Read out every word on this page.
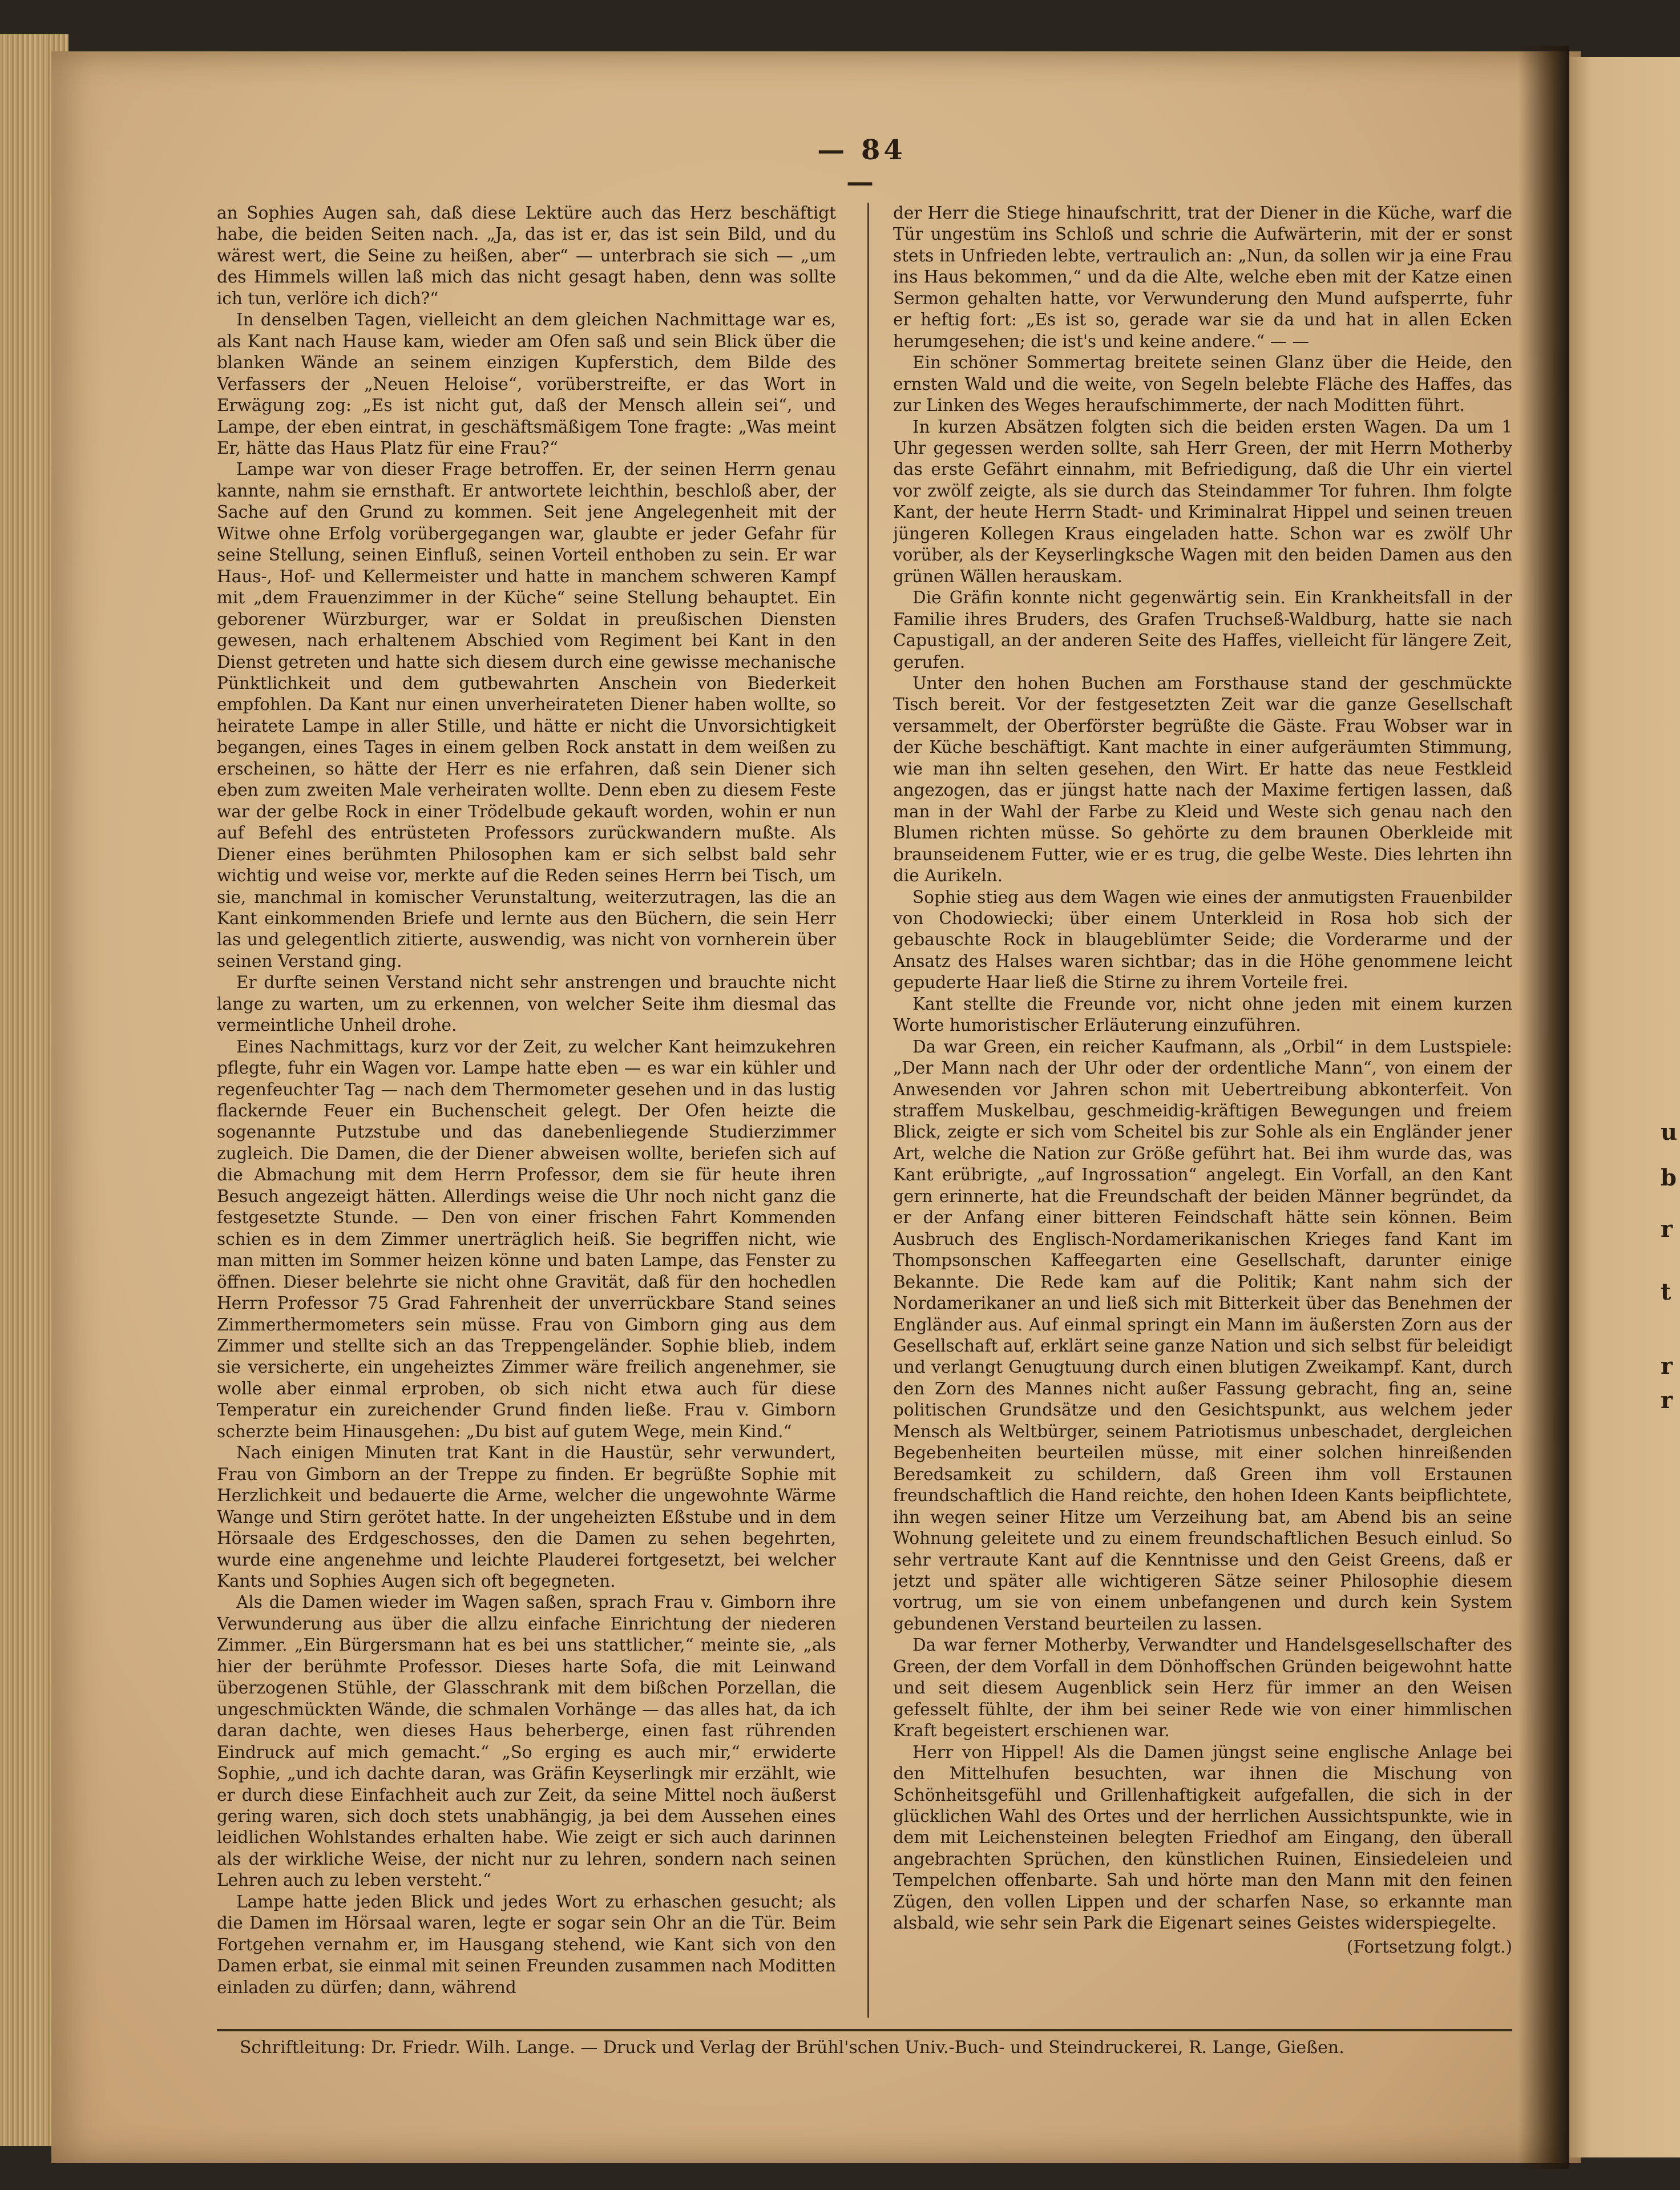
u
b
r
t
r
r
— 84 —

an Sophies Augen sah, daß diese Lektüre auch das Herz beschäftigt habe, die beiden Seiten nach. „Ja, das ist er, das ist sein Bild, und du wärest wert, die Seine zu heißen, aber“ — unterbrach sie sich — „um des Himmels willen laß mich das nicht gesagt haben, denn was sollte ich tun, verlöre ich dich?“

In denselben Tagen, vielleicht an dem gleichen Nachmittage war es, als Kant nach Hause kam, wieder am Ofen saß und sein Blick über die blanken Wände an seinem einzigen Kupferstich, dem Bilde des Verfassers der „Neuen Heloise“, vorüberstreifte, er das Wort in Erwägung zog: „Es ist nicht gut, daß der Mensch allein sei“, und Lampe, der eben eintrat, in geschäftsmäßigem Tone fragte: „Was meint Er, hätte das Haus Platz für eine Frau?“

Lampe war von dieser Frage betroffen. Er, der seinen Herrn genau kannte, nahm sie ernsthaft. Er antwortete leichthin, beschloß aber, der Sache auf den Grund zu kommen. Seit jene Angelegenheit mit der Witwe ohne Erfolg vorübergegangen war, glaubte er jeder Gefahr für seine Stellung, seinen Einfluß, seinen Vorteil enthoben zu sein. Er war Haus-, Hof- und Kellermeister und hatte in manchem schweren Kampf mit „dem Frauenzimmer in der Küche“ seine Stellung behauptet. Ein geborener Würzburger, war er Soldat in preußischen Diensten gewesen, nach erhaltenem Abschied vom Regiment bei Kant in den Dienst getreten und hatte sich diesem durch eine gewisse mechanische Pünktlichkeit und dem gutbewahrten Anschein von Biederkeit empfohlen. Da Kant nur einen unverheirateten Diener haben wollte, so heiratete Lampe in aller Stille, und hätte er nicht die Unvorsichtigkeit begangen, eines Tages in einem gelben Rock anstatt in dem weißen zu erscheinen, so hätte der Herr es nie erfahren, daß sein Diener sich eben zum zweiten Male verheiraten wollte. Denn eben zu diesem Feste war der gelbe Rock in einer Trödelbude gekauft worden, wohin er nun auf Befehl des entrüsteten Professors zurückwandern mußte. Als Diener eines berühmten Philosophen kam er sich selbst bald sehr wichtig und weise vor, merkte auf die Reden seines Herrn bei Tisch, um sie, manchmal in komischer Verunstaltung, weiterzutragen, las die an Kant einkommenden Briefe und lernte aus den Büchern, die sein Herr las und gelegentlich zitierte, auswendig, was nicht von vornherein über seinen Verstand ging.

Er durfte seinen Verstand nicht sehr anstrengen und brauchte nicht lange zu warten, um zu erkennen, von welcher Seite ihm diesmal das vermeintliche Unheil drohe.

Eines Nachmittags, kurz vor der Zeit, zu welcher Kant heimzukehren pflegte, fuhr ein Wagen vor. Lampe hatte eben — es war ein kühler und regenfeuchter Tag — nach dem Thermometer gesehen und in das lustig flackernde Feuer ein Buchenscheit gelegt. Der Ofen heizte die sogenannte Putzstube und das danebenliegende Studierzimmer zugleich. Die Damen, die der Diener abweisen wollte, beriefen sich auf die Abmachung mit dem Herrn Professor, dem sie für heute ihren Besuch angezeigt hätten. Allerdings weise die Uhr noch nicht ganz die festgesetzte Stunde. — Den von einer frischen Fahrt Kommenden schien es in dem Zimmer unerträglich heiß. Sie begriffen nicht, wie man mitten im Sommer heizen könne und baten Lampe, das Fenster zu öffnen. Dieser belehrte sie nicht ohne Gravität, daß für den hochedlen Herrn Professor 75 Grad Fahrenheit der unverrückbare Stand seines Zimmerthermometers sein müsse. Frau von Gimborn ging aus dem Zimmer und stellte sich an das Treppengeländer. Sophie blieb, indem sie versicherte, ein ungeheiztes Zimmer wäre freilich angenehmer, sie wolle aber einmal erproben, ob sich nicht etwa auch für diese Temperatur ein zureichender Grund finden ließe. Frau v. Gimborn scherzte beim Hinausgehen: „Du bist auf gutem Wege, mein Kind.“

Nach einigen Minuten trat Kant in die Haustür, sehr verwundert, Frau von Gimborn an der Treppe zu finden. Er begrüßte Sophie mit Herzlichkeit und bedauerte die Arme, welcher die ungewohnte Wärme Wange und Stirn gerötet hatte. In der ungeheizten Eßstube und in dem Hörsaale des Erdgeschosses, den die Damen zu sehen begehrten, wurde eine angenehme und leichte Plauderei fortgesetzt, bei welcher Kants und Sophies Augen sich oft begegneten.

Als die Damen wieder im Wagen saßen, sprach Frau v. Gimborn ihre Verwunderung aus über die allzu einfache Einrichtung der niederen Zimmer. „Ein Bürgersmann hat es bei uns stattlicher,“ meinte sie, „als hier der berühmte Professor. Dieses harte Sofa, die mit Leinwand überzogenen Stühle, der Glasschrank mit dem bißchen Porzellan, die ungeschmückten Wände, die schmalen Vorhänge — das alles hat, da ich daran dachte, wen dieses Haus beherberge, einen fast rührenden Eindruck auf mich gemacht.“ „So erging es auch mir,“ erwiderte Sophie, „und ich dachte daran, was Gräfin Keyserlingk mir erzählt, wie er durch diese Einfachheit auch zur Zeit, da seine Mittel noch äußerst gering waren, sich doch stets unabhängig, ja bei dem Aussehen eines leidlichen Wohlstandes erhalten habe. Wie zeigt er sich auch darinnen als der wirkliche Weise, der nicht nur zu lehren, sondern nach seinen Lehren auch zu leben versteht.“

Lampe hatte jeden Blick und jedes Wort zu erhaschen gesucht; als die Damen im Hörsaal waren, legte er sogar sein Ohr an die Tür. Beim Fortgehen vernahm er, im Hausgang stehend, wie Kant sich von den Damen erbat, sie einmal mit seinen Freunden zusammen nach Moditten einladen zu dürfen; dann, während

der Herr die Stiege hinaufschritt, trat der Diener in die Küche, warf die Tür ungestüm ins Schloß und schrie die Aufwärterin, mit der er sonst stets in Unfrieden lebte, vertraulich an: „Nun, da sollen wir ja eine Frau ins Haus bekommen,“ und da die Alte, welche eben mit der Katze einen Sermon gehalten hatte, vor Verwunderung den Mund aufsperrte, fuhr er heftig fort: „Es ist so, gerade war sie da und hat in allen Ecken herumgesehen; die ist's und keine andere.“ — —

Ein schöner Sommertag breitete seinen Glanz über die Heide, den ernsten Wald und die weite, von Segeln belebte Fläche des Haffes, das zur Linken des Weges heraufschimmerte, der nach Moditten führt.

In kurzen Absätzen folgten sich die beiden ersten Wagen. Da um 1 Uhr gegessen werden sollte, sah Herr Green, der mit Herrn Motherby das erste Gefährt einnahm, mit Befriedigung, daß die Uhr ein viertel vor zwölf zeigte, als sie durch das Steindammer Tor fuhren. Ihm folgte Kant, der heute Herrn Stadt- und Kriminalrat Hippel und seinen treuen jüngeren Kollegen Kraus eingeladen hatte. Schon war es zwölf Uhr vorüber, als der Keyserlingksche Wagen mit den beiden Damen aus den grünen Wällen herauskam.

Die Gräfin konnte nicht gegenwärtig sein. Ein Krankheitsfall in der Familie ihres Bruders, des Grafen Truchseß-Waldburg, hatte sie nach Capustigall, an der anderen Seite des Haffes, vielleicht für längere Zeit, gerufen.

Unter den hohen Buchen am Forsthause stand der geschmückte Tisch bereit. Vor der festgesetzten Zeit war die ganze Gesellschaft versammelt, der Oberförster begrüßte die Gäste. Frau Wobser war in der Küche beschäftigt. Kant machte in einer aufgeräumten Stimmung, wie man ihn selten gesehen, den Wirt. Er hatte das neue Festkleid angezogen, das er jüngst hatte nach der Maxime fertigen lassen, daß man in der Wahl der Farbe zu Kleid und Weste sich genau nach den Blumen richten müsse. So gehörte zu dem braunen Oberkleide mit braunseidenem Futter, wie er es trug, die gelbe Weste. Dies lehrten ihn die Aurikeln.

Sophie stieg aus dem Wagen wie eines der anmutigsten Frauenbilder von Chodowiecki; über einem Unterkleid in Rosa hob sich der gebauschte Rock in blaugeblümter Seide; die Vorderarme und der Ansatz des Halses waren sichtbar; das in die Höhe genommene leicht gepuderte Haar ließ die Stirne zu ihrem Vorteile frei.

Kant stellte die Freunde vor, nicht ohne jeden mit einem kurzen Worte humoristischer Erläuterung einzuführen.

Da war Green, ein reicher Kaufmann, als „Orbil“ in dem Lustspiele: „Der Mann nach der Uhr oder der ordentliche Mann“, von einem der Anwesenden vor Jahren schon mit Uebertreibung abkonterfeit. Von straffem Muskelbau, geschmeidig-kräftigen Bewegungen und freiem Blick, zeigte er sich vom Scheitel bis zur Sohle als ein Engländer jener Art, welche die Nation zur Größe geführt hat. Bei ihm wurde das, was Kant erübrigte, „auf Ingrossation“ angelegt. Ein Vorfall, an den Kant gern erinnerte, hat die Freundschaft der beiden Männer begründet, da er der Anfang einer bitteren Feindschaft hätte sein können. Beim Ausbruch des Englisch-Nordamerikanischen Krieges fand Kant im Thompsonschen Kaffeegarten eine Gesellschaft, darunter einige Bekannte. Die Rede kam auf die Politik; Kant nahm sich der Nordamerikaner an und ließ sich mit Bitterkeit über das Benehmen der Engländer aus. Auf einmal springt ein Mann im äußersten Zorn aus der Gesellschaft auf, erklärt seine ganze Nation und sich selbst für beleidigt und verlangt Genugtuung durch einen blutigen Zweikampf. Kant, durch den Zorn des Mannes nicht außer Fassung gebracht, fing an, seine politischen Grundsätze und den Gesichtspunkt, aus welchem jeder Mensch als Weltbürger, seinem Patriotismus unbeschadet, dergleichen Begebenheiten beurteilen müsse, mit einer solchen hinreißenden Beredsamkeit zu schildern, daß Green ihm voll Erstaunen freundschaftlich die Hand reichte, den hohen Ideen Kants beipflichtete, ihn wegen seiner Hitze um Verzeihung bat, am Abend bis an seine Wohnung geleitete und zu einem freundschaftlichen Besuch einlud. So sehr vertraute Kant auf die Kenntnisse und den Geist Greens, daß er jetzt und später alle wichtigeren Sätze seiner Philosophie diesem vortrug, um sie von einem unbefangenen und durch kein System gebundenen Verstand beurteilen zu lassen.

Da war ferner Motherby, Verwandter und Handelsgesellschafter des Green, der dem Vorfall in dem Dönhoffschen Gründen beigewohnt hatte und seit diesem Augenblick sein Herz für immer an den Weisen gefesselt fühlte, der ihm bei seiner Rede wie von einer himmlischen Kraft begeistert erschienen war.

Herr von Hippel! Als die Damen jüngst seine englische Anlage bei den Mittelhufen besuchten, war ihnen die Mischung von Schönheitsgefühl und Grillenhaftigkeit aufgefallen, die sich in der glücklichen Wahl des Ortes und der herrlichen Aussichtspunkte, wie in dem mit Leichensteinen belegten Friedhof am Eingang, den überall angebrachten Sprüchen, den künstlichen Ruinen, Einsiedeleien und Tempelchen offenbarte. Sah und hörte man den Mann mit den feinen Zügen, den vollen Lippen und der scharfen Nase, so erkannte man alsbald, wie sehr sein Park die Eigenart seines Geistes widerspiegelte.

(Fortsetzung folgt.)

Schriftleitung: Dr. Friedr. Wilh. Lange. — Druck und Verlag der Brühl'schen Univ.-Buch- und Steindruckerei, R. Lange, Gießen.
